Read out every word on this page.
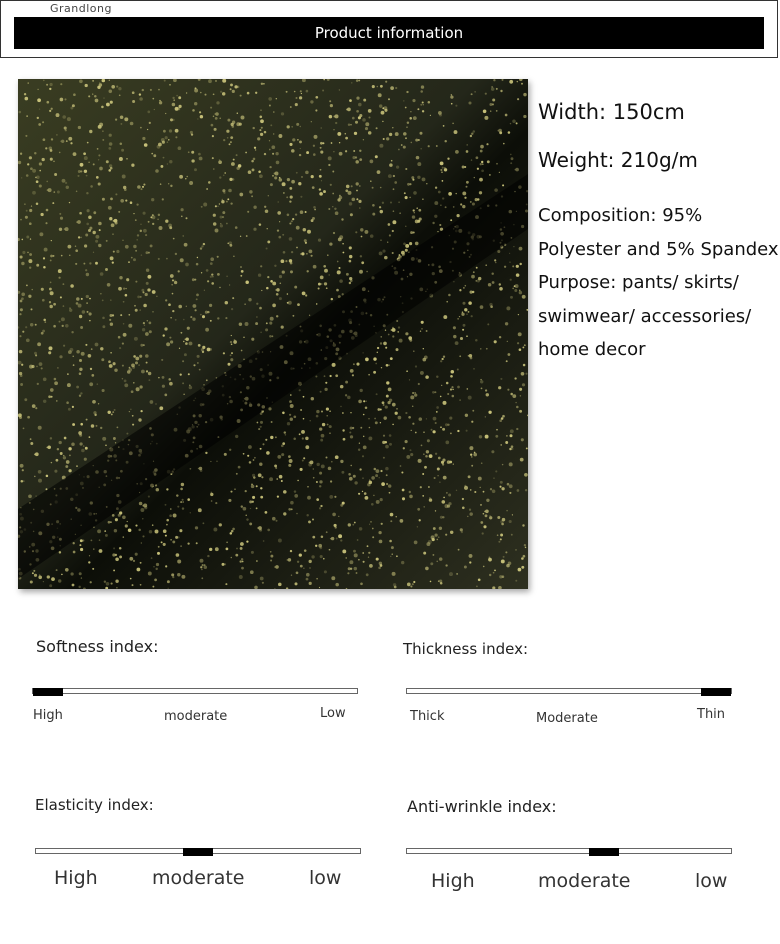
Grandlong
Product information
Width: 150cm
Weight: 210g/m
Composition: 95% Polyester and 5% Spandex
Purpose: pants/ skirts/ swimwear/ accessories/ home decor
Softness index:
High	moderate	Low
Thickness index:
Thick	Moderate	Thin
Elasticity index:
High	moderate	low
Anti-wrinkle index:
High	moderate	low
